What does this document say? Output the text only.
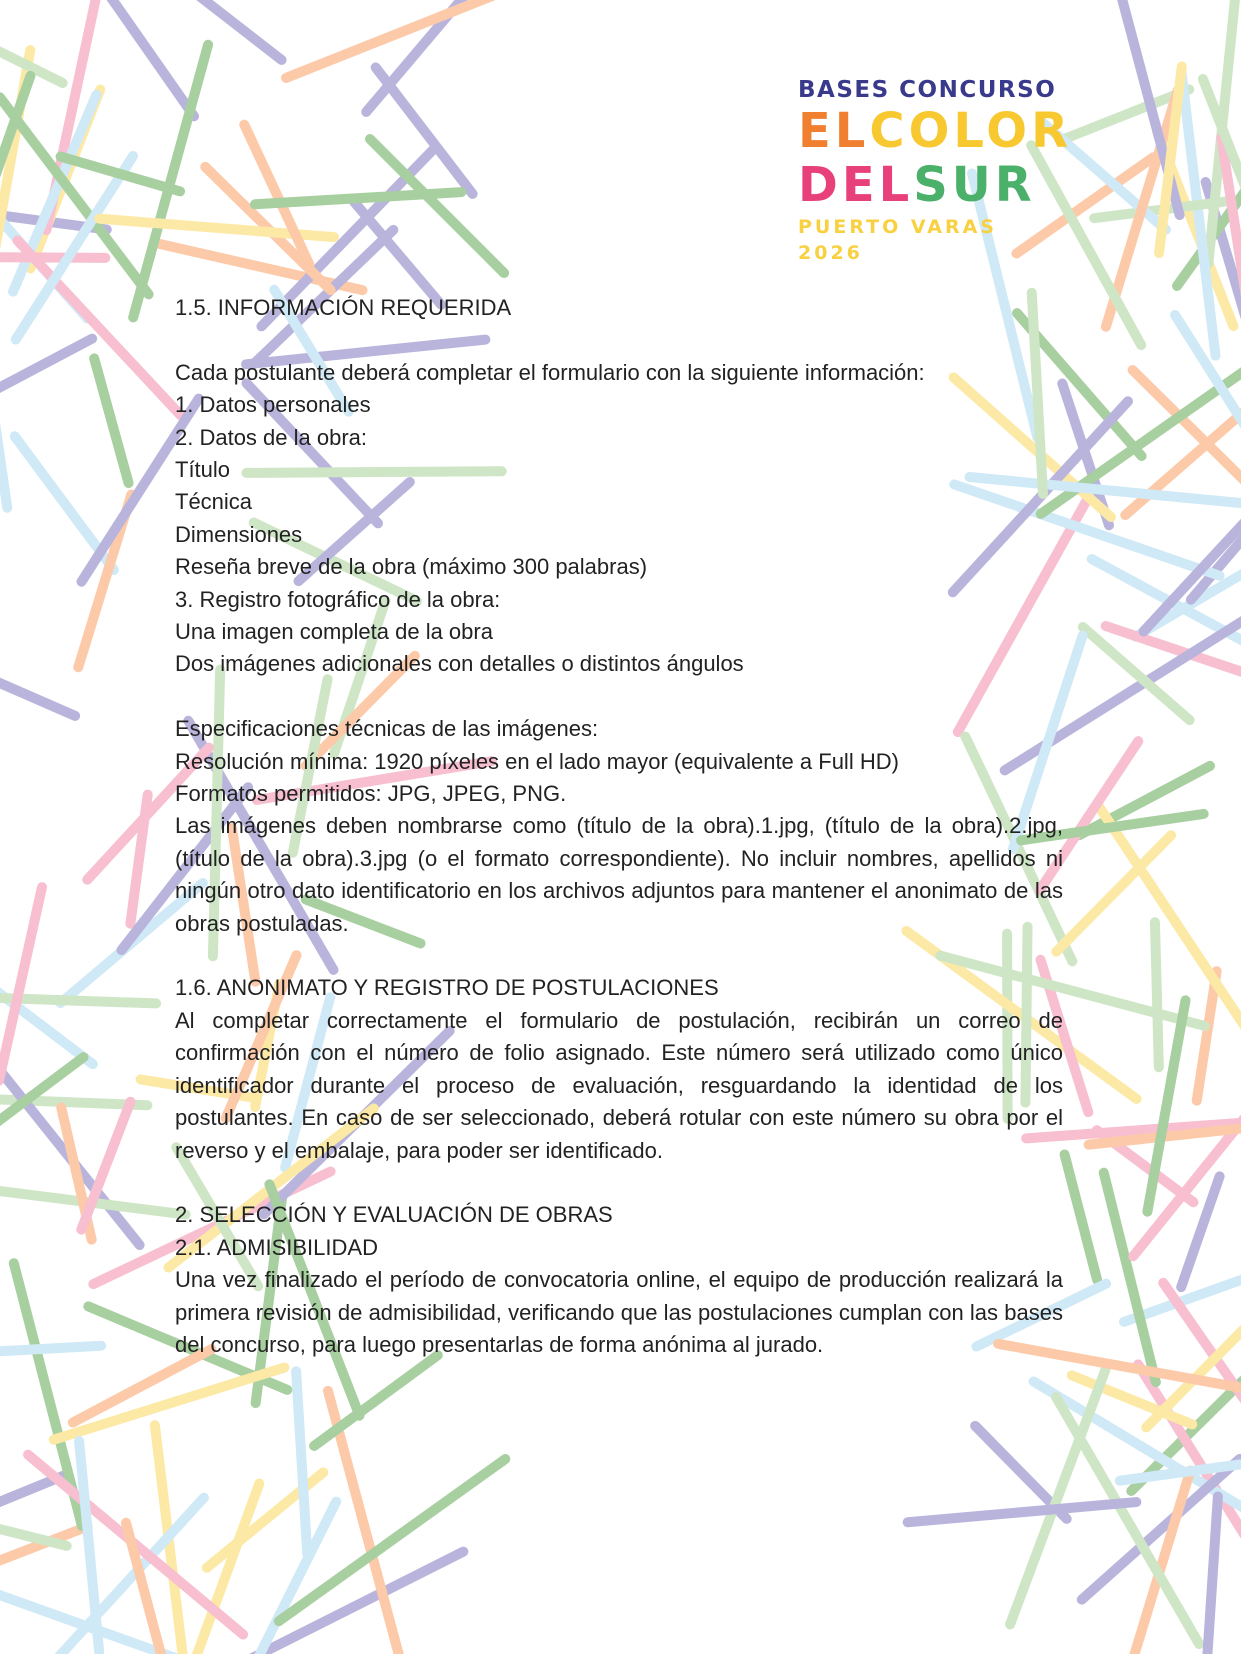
BASES CONCURSO
ELCOLOR
DELSUR
PUERTO VARAS 2026

1.5. INFORMACIÓN REQUERIDA

Cada postulante deberá completar el formulario con la siguiente información:

1. Datos personales

2. Datos de la obra:

Título

Técnica

Dimensiones

Reseña breve de la obra (máximo 300 palabras)

3. Registro fotográfico de la obra:

Una imagen completa de la obra

Dos imágenes adicionales con detalles o distintos ángulos

Especificaciones técnicas de las imágenes:

Resolución mínima: 1920 píxeles en el lado mayor (equivalente a Full HD)

Formatos permitidos: JPG, JPEG, PNG.

Las imágenes deben nombrarse como (título de la obra).1.jpg, (título de la obra).2.jpg, (título de la obra).3.jpg (o el formato correspondiente). No incluir nombres, apellidos ni ningún otro dato identificatorio en los archivos adjuntos para mantener el anonimato de las obras postuladas.

1.6. ANONIMATO Y REGISTRO DE POSTULACIONES

Al completar correctamente el formulario de postulación, recibirán un correo de confirmación con el número de folio asignado. Este número será utilizado como único identificador durante el proceso de evaluación, resguardando la identidad de los postulantes. En caso de ser seleccionado, deberá rotular con este número su obra por el reverso y el embalaje, para poder ser identificado.

2. SELECCIÓN Y EVALUACIÓN DE OBRAS

2.1. ADMISIBILIDAD

Una vez finalizado el período de convocatoria online, el equipo de producción realizará la primera revisión de admisibilidad, verificando que las postulaciones cumplan con las bases del concurso, para luego presentarlas de forma anónima al jurado.
